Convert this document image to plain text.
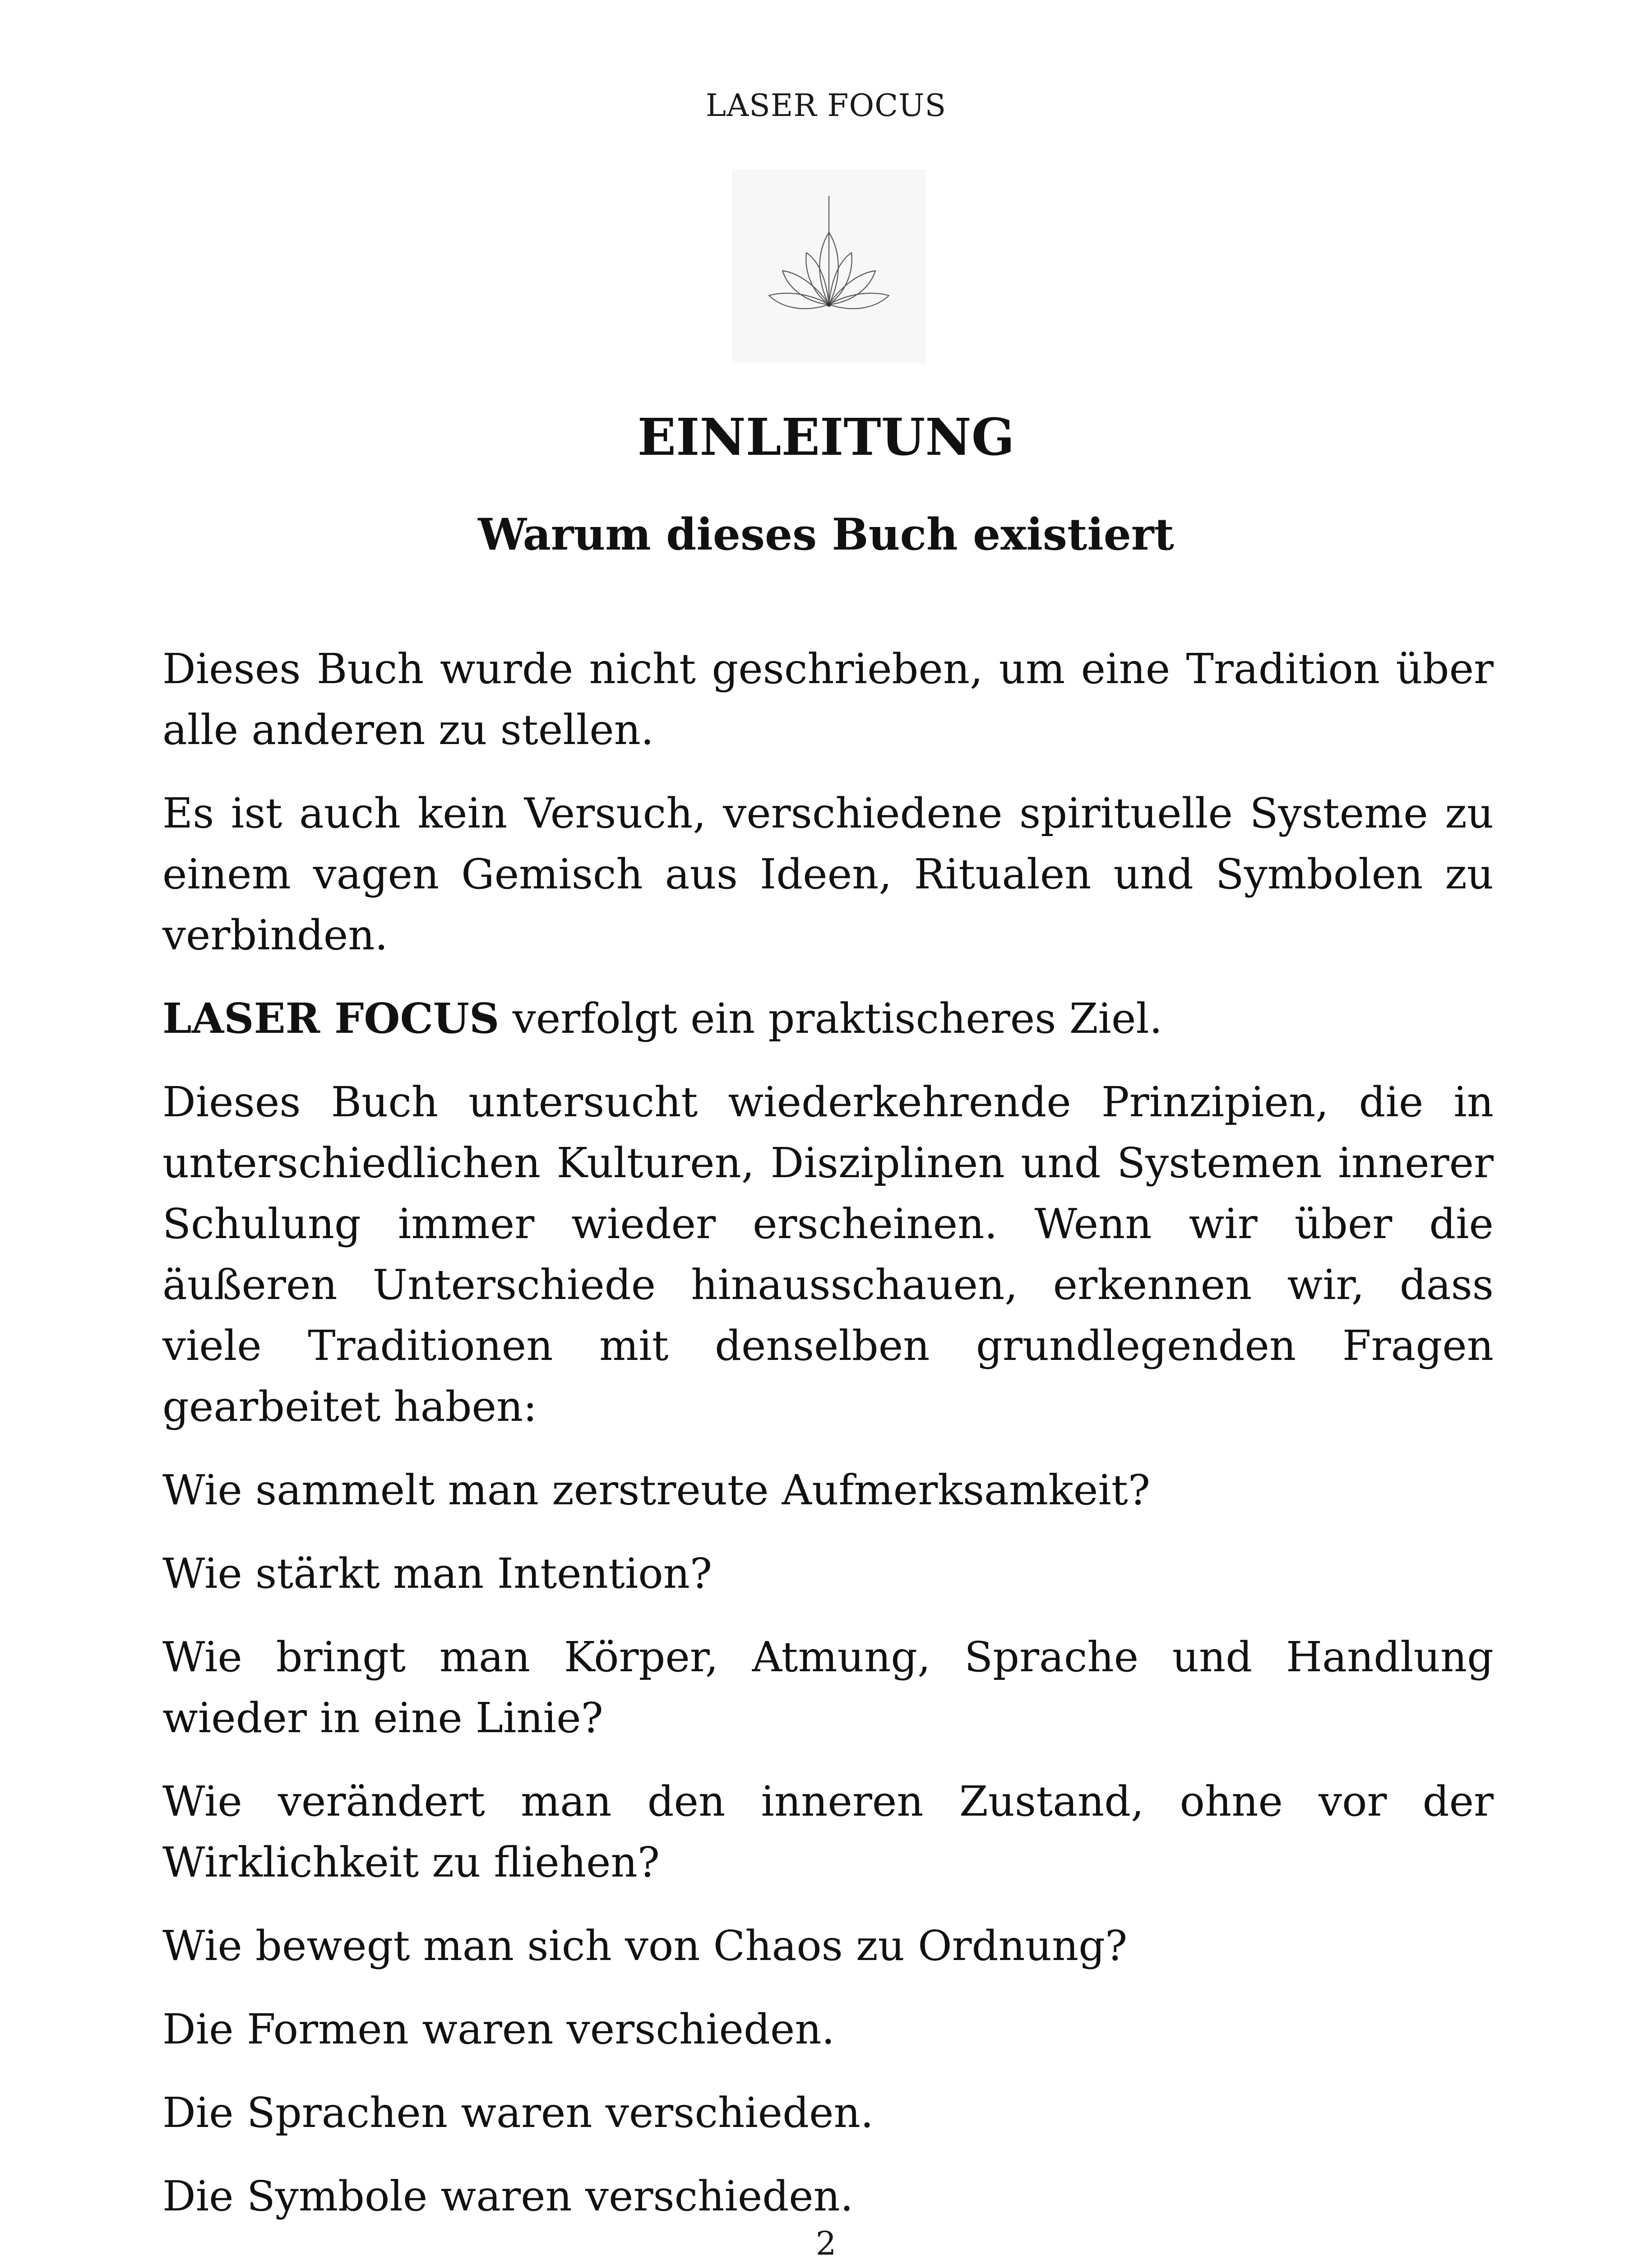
LASER FOCUS
EINLEITUNG
Warum dieses Buch existiert

Dieses Buch wurde nicht geschrieben, um eine Tradition über alle anderen zu stellen.

Es ist auch kein Versuch, verschiedene spirituelle Systeme zu einem vagen Gemisch aus Ideen, Ritualen und Symbolen zu verbinden.

LASER FOCUS verfolgt ein praktischeres Ziel.

Dieses Buch untersucht wiederkehrende Prinzipien, die in unterschiedlichen Kulturen, Disziplinen und Systemen innerer Schulung immer wieder erscheinen. Wenn wir über die äußeren Unterschiede hinausschauen, erkennen wir, dass viele Traditionen mit denselben grundlegenden Fragen gearbeitet haben:

Wie sammelt man zerstreute Aufmerksamkeit?

Wie stärkt man Intention?

Wie bringt man Körper, Atmung, Sprache und Handlung wieder in eine Linie?

Wie verändert man den inneren Zustand, ohne vor der Wirklichkeit zu fliehen?

Wie bewegt man sich von Chaos zu Ordnung?

Die Formen waren verschieden.

Die Sprachen waren verschieden.

Die Symbole waren verschieden.

2
